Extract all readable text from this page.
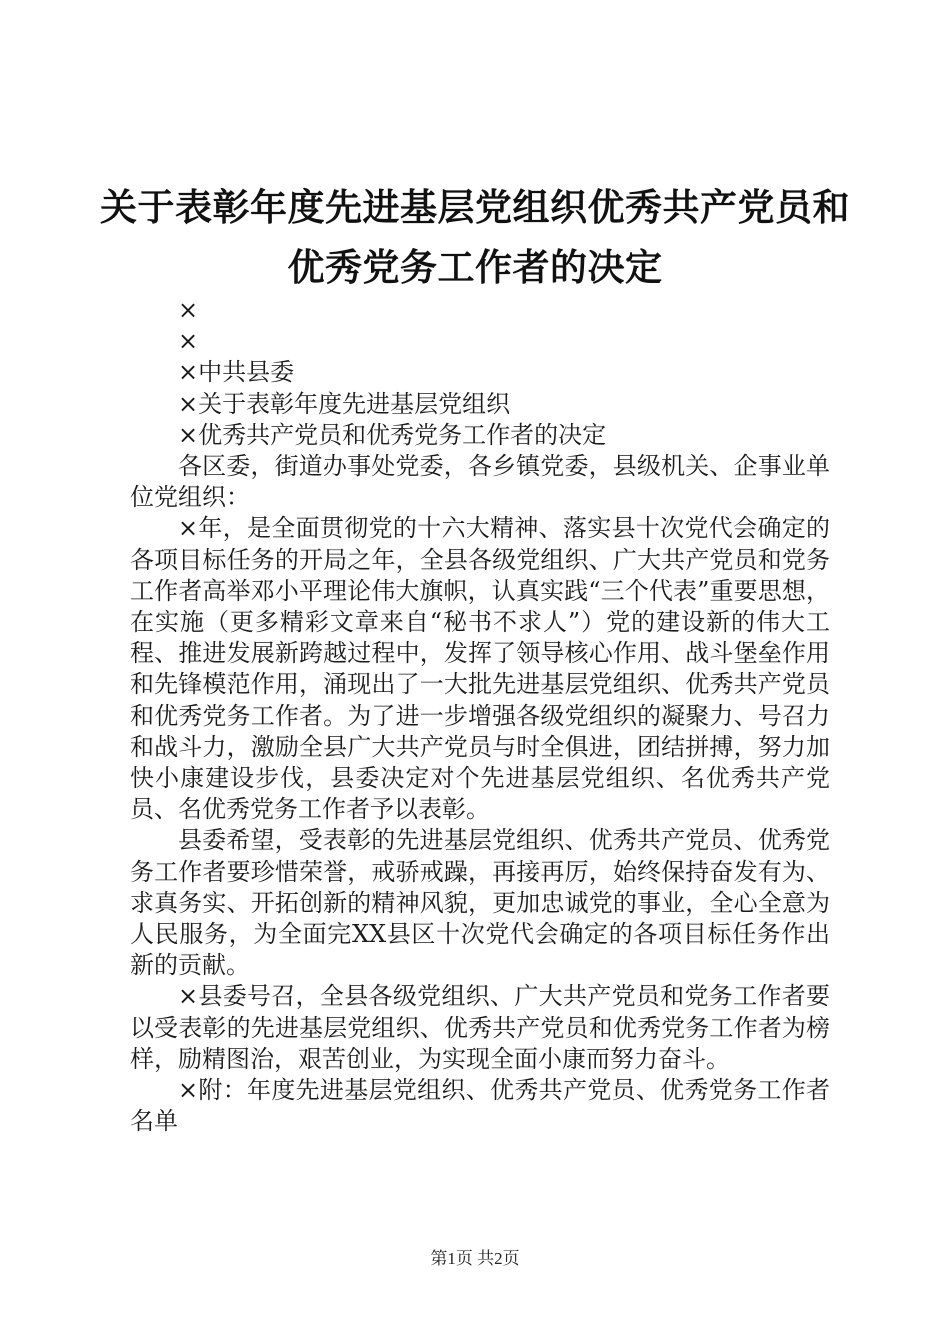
关于表彰年度先进基层党组织优秀共产党员和
优秀党务工作者的决定

×

×

×中共县委

×关于表彰年度先进基层党组织

×优秀共产党员和优秀党务工作者的决定

各区委，街道办事处党委，各乡镇党委，县级机关、企事业单位党组织：

×年，是全面贯彻党的十六大精神、落实县十次党代会确定的各项目标任务的开局之年，全县各级党组织、广大共产党员和党务工作者高举邓小平理论伟大旗帜，认真实践“三个代表”重要思想，在实施（更多精彩文章来自“秘书不求人”）党的建设新的伟大工程、推进发展新跨越过程中，发挥了领导核心作用、战斗堡垒作用和先锋模范作用，涌现出了一大批先进基层党组织、优秀共产党员和优秀党务工作者。为了进一步增强各级党组织的凝聚力、号召力和战斗力，激励全县广大共产党员与时全俱进，团结拼搏，努力加快小康建设步伐，县委决定对个先进基层党组织、名优秀共产党员、名优秀党务工作者予以表彰。

县委希望，受表彰的先进基层党组织、优秀共产党员、优秀党务工作者要珍惜荣誉，戒骄戒躁，再接再厉，始终保持奋发有为、求真务实、开拓创新的精神风貌，更加忠诚党的事业，全心全意为人民服务，为全面完XX县区十次党代会确定的各项目标任务作出新的贡献。

×县委号召，全县各级党组织、广大共产党员和党务工作者要以受表彰的先进基层党组织、优秀共产党员和优秀党务工作者为榜样，励精图治，艰苦创业，为实现全面小康而努力奋斗。

×附：年度先进基层党组织、优秀共产党员、优秀党务工作者名单

第1页 共2页
